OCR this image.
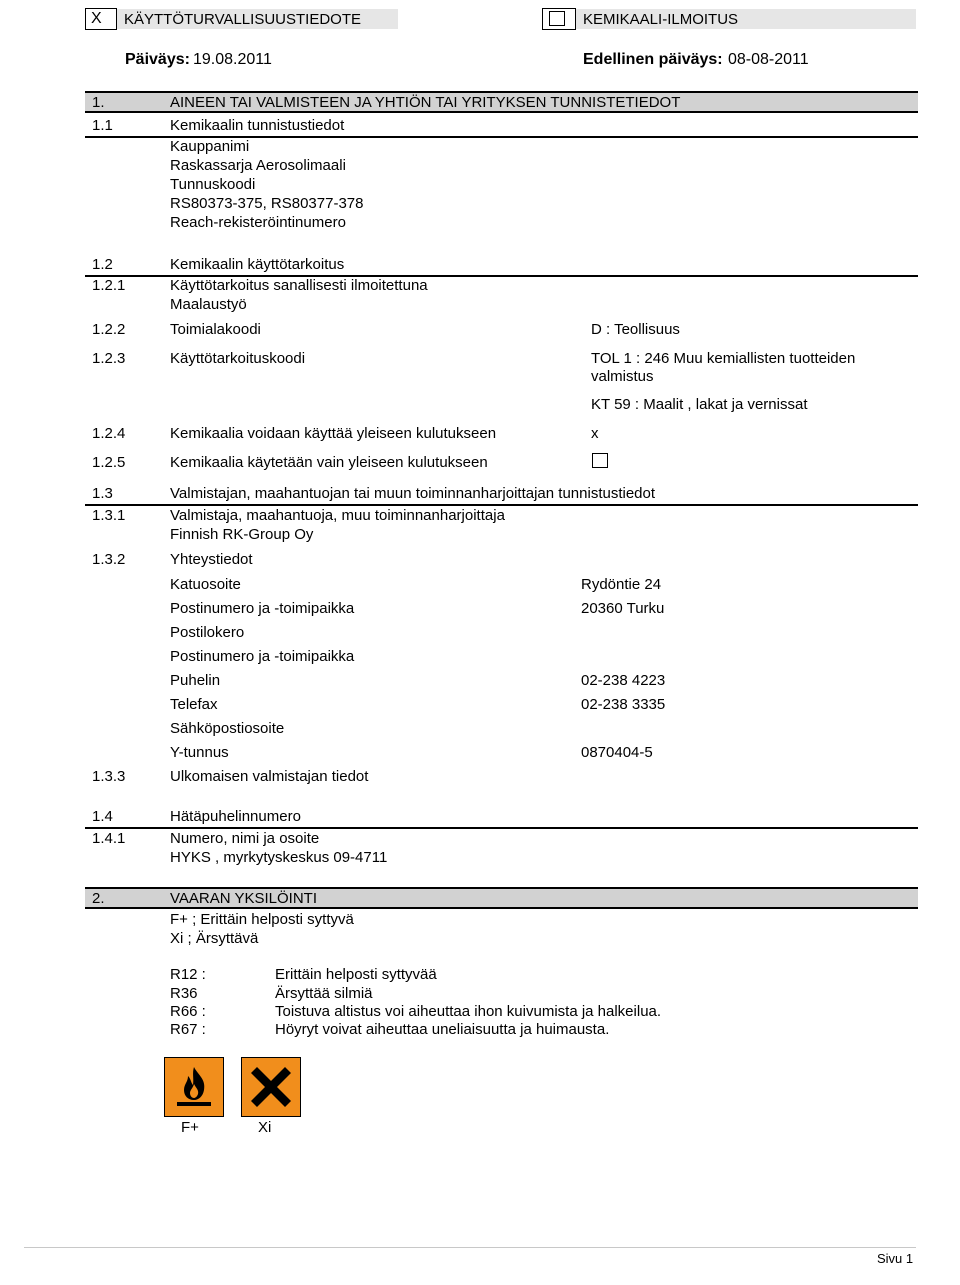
X KÄYTTÖTURVALLISUUSTIEDOTE	KEMIKAALI-ILMOITUS
Päiväys: 19.08.2011	Edellinen päiväys: 08-08-2011
1.	AINEEN TAI VALMISTEEN JA YHTIÖN TAI YRITYKSEN TUNNISTETIEDOT
1.1	Kemikaalin tunnistustiedot
Kauppanimi
Raskassarja Aerosolimaali
Tunnuskoodi
RS80373-375, RS80377-378
Reach-rekisteröintinumero
1.2	Kemikaalin käyttötarkoitus
1.2.1	Käyttötarkoitus sanallisesti ilmoitettuna
Maalaustyö
1.2.2	Toimialakoodi	D : Teollisuus
1.2.3	Käyttötarkoituskoodi	TOL 1 : 246 Muu kemiallisten tuotteiden
valmistus
KT 59 : Maalit , lakat ja vernissat
1.2.4	Kemikaalia voidaan käyttää yleiseen kulutukseen	x
1.2.5	Kemikaalia käytetään vain yleiseen kulutukseen
1.3	Valmistajan, maahantuojan tai muun toiminnanharjoittajan tunnistustiedot
1.3.1	Valmistaja, maahantuoja, muu toiminnanharjoittaja
Finnish RK-Group Oy
1.3.2	Yhteystiedot
Katuosoite	Rydöntie 24
Postinumero ja -toimipaikka	20360 Turku
Postilokero
Postinumero ja -toimipaikka
Puhelin	02-238 4223
Telefax	02-238 3335
Sähköpostiosoite
Y-tunnus	0870404-5
1.3.3	Ulkomaisen valmistajan tiedot
1.4	Hätäpuhelinnumero
1.4.1	Numero, nimi ja osoite
HYKS , myrkytyskeskus 09-4711
2.	VAARAN YKSILÖINTI
F+ ; Erittäin helposti syttyvä
Xi ; Ärsyttävä
R12 :	Erittäin helposti syttyvää
R36	Ärsyttää silmiä
R66 :	Toistuva altistus voi aiheuttaa ihon kuivumista ja halkeilua.
R67 :	Höyryt voivat aiheuttaa uneliaisuutta ja huimausta.
F+	Xi
Sivu 1
